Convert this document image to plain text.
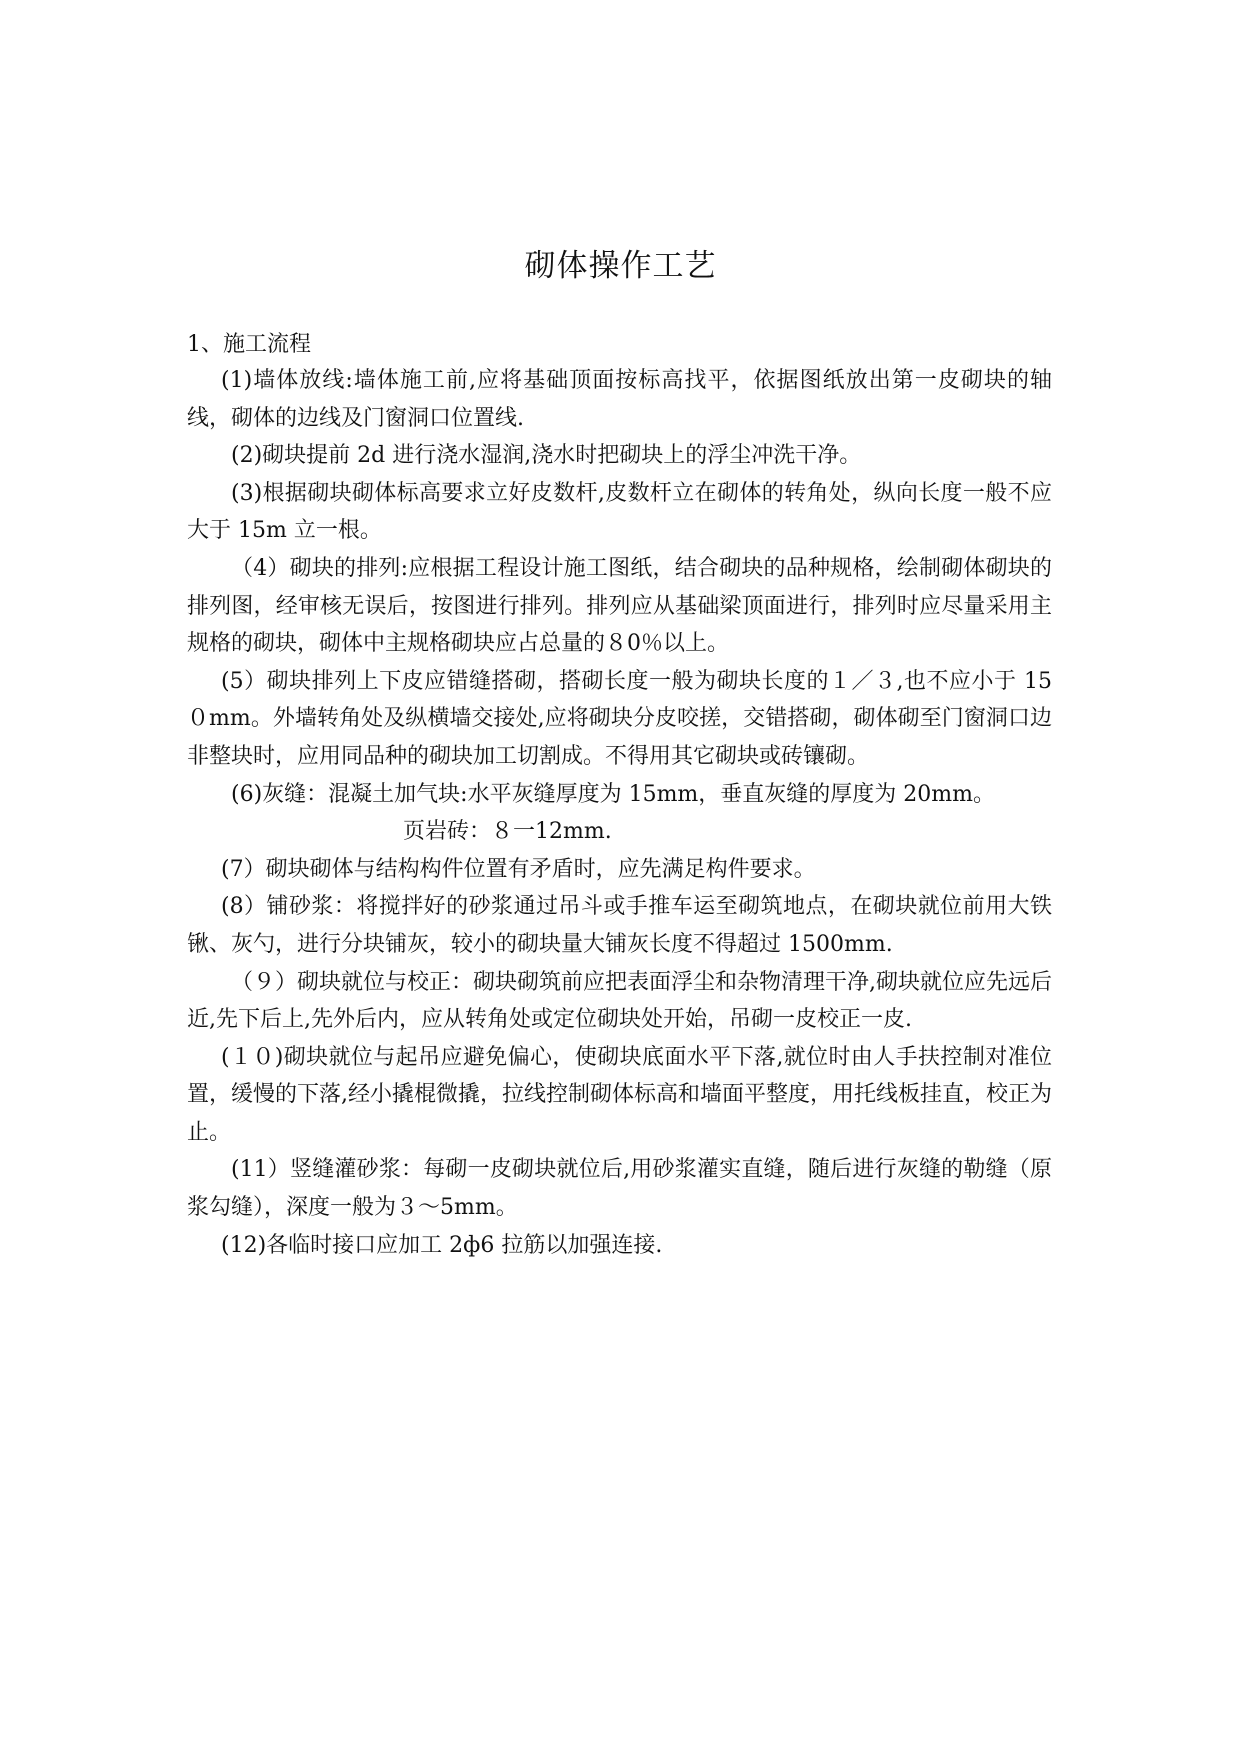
砌体操作工艺
1、施工流程

(1)墙体放线:墙体施工前,应将基础顶面按标高找平，依据图纸放出第一皮砌块的轴线，砌体的边线及门窗洞口位置线.

(2)砌块提前 2d 进行浇水湿润,浇水时把砌块上的浮尘冲洗干净。

(3)根据砌块砌体标高要求立好皮数杆,皮数杆立在砌体的转角处，纵向长度一般不应大于 15m 立一根。

（4）砌块的排列:应根据工程设计施工图纸，结合砌块的品种规格，绘制砌体砌块的排列图，经审核无误后，按图进行排列。排列应从基础梁顶面进行，排列时应尽量采用主规格的砌块，砌体中主规格砌块应占总量的８0％以上。

(5）砌块排列上下皮应错缝搭砌，搭砌长度一般为砌块长度的１／３,也不应小于 15０mm。外墙转角处及纵横墙交接处,应将砌块分皮咬搓，交错搭砌，砌体砌至门窗洞口边非整块时，应用同品种的砌块加工切割成。不得用其它砌块或砖镶砌。

(6)灰缝：混凝土加气块:水平灰缝厚度为 15mm，垂直灰缝的厚度为 20mm。

页岩砖：８一12mm.

(7）砌块砌体与结构构件位置有矛盾时，应先满足构件要求。

(8）铺砂浆：将搅拌好的砂浆通过吊斗或手推车运至砌筑地点，在砌块就位前用大铁锹、灰勺，进行分块铺灰，较小的砌块量大铺灰长度不得超过 1500mm.

（９）砌块就位与校正：砌块砌筑前应把表面浮尘和杂物清理干净,砌块就位应先远后近,先下后上,先外后内，应从转角处或定位砌块处开始，吊砌一皮校正一皮.

(１０)砌块就位与起吊应避免偏心，使砌块底面水平下落,就位时由人手扶控制对准位置，缓慢的下落,经小撬棍微撬，拉线控制砌体标高和墙面平整度，用托线板挂直，校正为止。

(11）竖缝灌砂浆：每砌一皮砌块就位后,用砂浆灌实直缝，随后进行灰缝的勒缝（原浆勾缝），深度一般为３～5mm。

(12)各临时接口应加工 2ф6 拉筋以加强连接.
